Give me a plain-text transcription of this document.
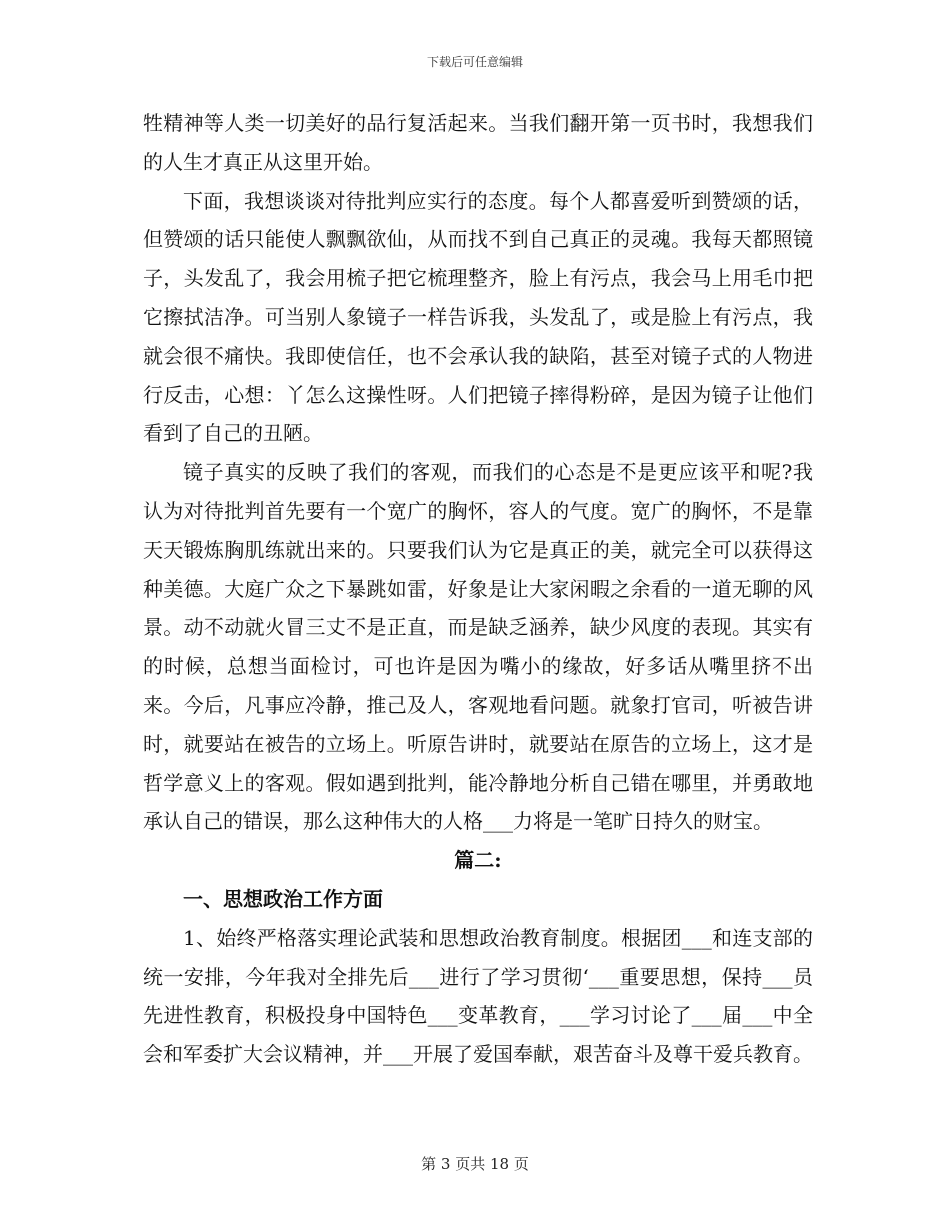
下载后可任意编辑

牲精神等人类一切美好的品行复活起来。当我们翻开第一页书时，我想我们的人生才真正从这里开始。

下面，我想谈谈对待批判应实行的态度。每个人都喜爱听到赞颂的话，但赞颂的话只能使人飘飘欲仙，从而找不到自己真正的灵魂。我每天都照镜子，头发乱了，我会用梳子把它梳理整齐，脸上有污点，我会马上用毛巾把它擦拭洁净。可当别人象镜子一样告诉我，头发乱了，或是脸上有污点，我就会很不痛快。我即使信任，也不会承认我的缺陷，甚至对镜子式的人物进行反击，心想：丫怎么这操性呀。人们把镜子摔得粉碎，是因为镜子让他们看到了自己的丑陋。

镜子真实的反映了我们的客观，而我们的心态是不是更应该平和呢?我认为对待批判首先要有一个宽广的胸怀，容人的气度。宽广的胸怀，不是靠天天锻炼胸肌练就出来的。只要我们认为它是真正的美，就完全可以获得这种美德。大庭广众之下暴跳如雷，好象是让大家闲暇之余看的一道无聊的风景。动不动就火冒三丈不是正直，而是缺乏涵养，缺少风度的表现。其实有的时候，总想当面检讨，可也许是因为嘴小的缘故，好多话从嘴里挤不出来。今后，凡事应冷静，推己及人，客观地看问题。就象打官司，听被告讲时，就要站在被告的立场上。听原告讲时，就要站在原告的立场上，这才是哲学意义上的客观。假如遇到批判，能冷静地分析自己错在哪里，并勇敢地承认自己的错误，那么这种伟大的人格___力将是一笔旷日持久的财宝。

篇二:

一、思想政治工作方面

1、始终严格落实理论武装和思想政治教育制度。根据团___和连支部的统一安排，今年我对全排先后___进行了学习贯彻‘___重要思想，保持___员先进性教育，积极投身中国特色___变革教育，___学习讨论了___届___中全会和军委扩大会议精神，并___开展了爱国奉献，艰苦奋斗及尊干爱兵教育。

第 3 页共 18 页
